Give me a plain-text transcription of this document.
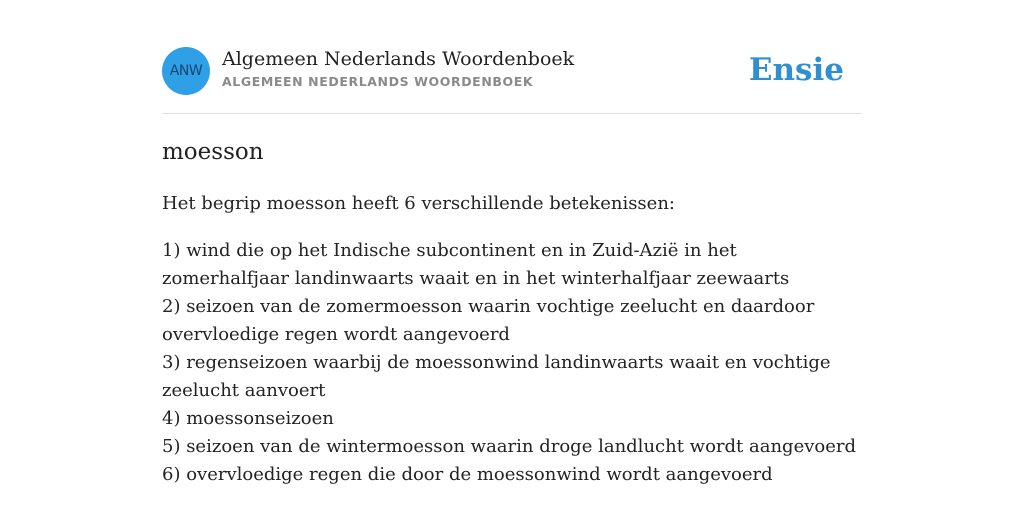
ANW
Algemeen Nederlands Woordenboek
ALGEMEEN NEDERLANDS WOORDENBOEK	Ensie
moesson

Het begrip moesson heeft 6 verschillende betekenissen:

1) wind die op het Indische subcontinent en in Zuid-Azië in het zomerhalfjaar landinwaarts waait en in het winterhalfjaar zeewaarts
2) seizoen van de zomermoesson waarin vochtige zeelucht en daardoor overvloedige regen wordt aangevoerd
3) regenseizoen waarbij de moessonwind landinwaarts waait en vochtige zeelucht aanvoert
4) moessonseizoen
5) seizoen van de wintermoesson waarin droge landlucht wordt aangevoerd
6) overvloedige regen die door de moessonwind wordt aangevoerd
